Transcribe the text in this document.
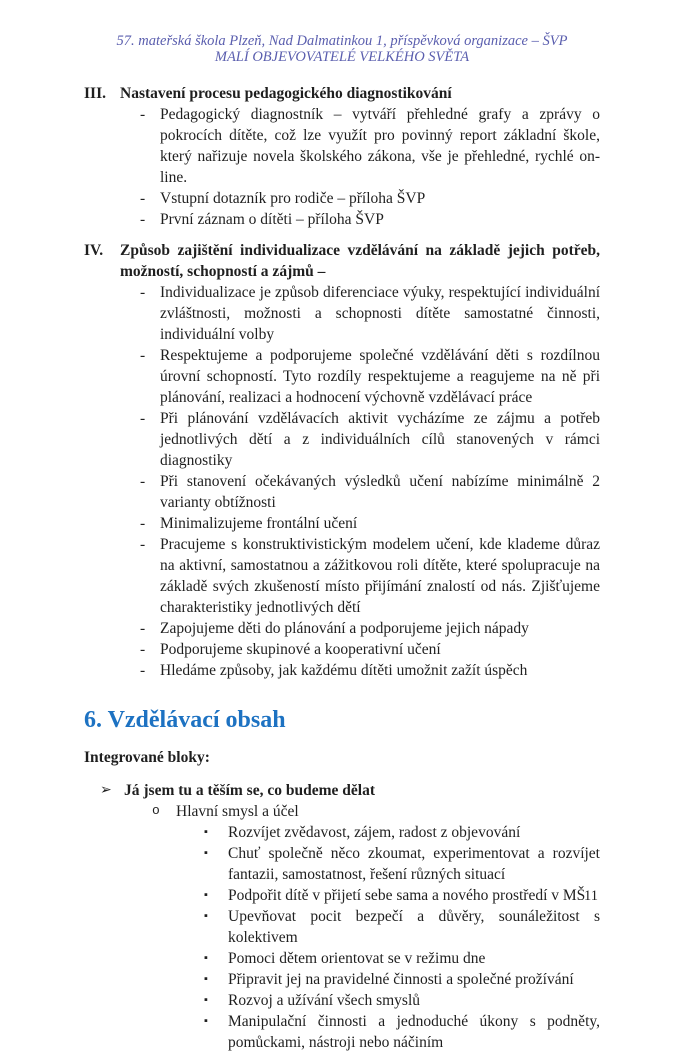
57. mateřská škola Plzeň, Nad Dalmatinkou 1, příspěvková organizace – ŠVP
MALÍ OBJEVOVATELÉ VELKÉHO SVĚTA
III. Nastavení procesu pedagogického diagnostikování
- Pedagogický diagnostník – vytváří přehledné grafy a zprávy o pokrocích dítěte, což lze využít pro povinný report základní škole, který nařizuje novela školského zákona, vše je přehledné, rychlé on-line.
- Vstupní dotazník pro rodiče – příloha ŠVP
- První záznam o dítěti – příloha ŠVP
IV.	Způsob zajištění individualizace vzdělávání na základě jejich potřeb, možností, schopností a zájmů –
- Individualizace je způsob diferenciace výuky, respektující individuální zvláštnosti, možnosti a schopnosti dítěte samostatné činnosti, individuální volby
- Respektujeme a podporujeme společné vzdělávání děti s rozdílnou úrovní schopností. Tyto rozdíly respektujeme a reagujeme na ně při plánování, realizaci a hodnocení výchovně vzdělávací práce
- Při plánování vzdělávacích aktivit vycházíme ze zájmu a potřeb jednotlivých dětí a z individuálních cílů stanovených v rámci diagnostiky
- Při stanovení očekávaných výsledků učení nabízíme minimálně 2 varianty obtížnosti
- Minimalizujeme frontální učení
- Pracujeme s konstruktivistickým modelem učení, kde klademe důraz na aktivní, samostatnou a zážitkovou roli dítěte, které spolupracuje na základě svých zkušeností místo přijímání znalostí od nás. Zjišťujeme charakteristiky jednotlivých dětí
- Zapojujeme děti do plánování a podporujeme jejich nápady
- Podporujeme skupinové a kooperativní učení
- Hledáme způsoby, jak každému dítěti umožnit zažít úspěch
6. Vzdělávací obsah
Integrované bloky:
➢ Já jsem tu a těším se, co budeme dělat
o Hlavní smysl a účel
▪ Rozvíjet zvědavost, zájem, radost z objevování
▪ Chuť společně něco zkoumat, experimentovat a rozvíjet fantazii, samostatnost, řešení různých situací
▪ Podpořit dítě v přijetí sebe sama a nového prostředí v MŠ
▪ Upevňovat pocit bezpečí a důvěry, sounáležitost s kolektivem
▪ Pomoci dětem orientovat se v režimu dne
▪ Připravit jej na pravidelné činnosti a společné prožívání
▪ Rozvoj a užívání všech smyslů
▪ Manipulační činnosti a jednoduché úkony s podněty, pomůckami, nástroji nebo náčiním
11
